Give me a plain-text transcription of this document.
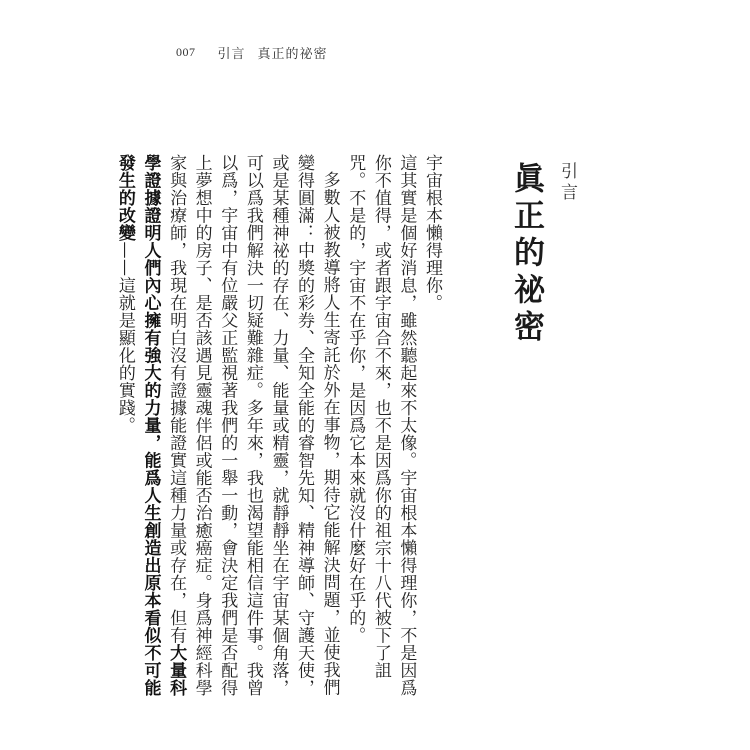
007 引言 真正的祕密
引言
眞正的祕密

宇宙根本懶得理你。

這其實是個好消息，雖然聽起來不太像。宇宙根本懶得理你，不是因爲你不值得，或者跟宇宙合不來，也不是因爲你的祖宗十八代被下了詛咒。不是的，宇宙不在乎你，是因爲它本來就沒什麼好在乎的。

多數人被教導將人生寄託於外在事物，期待它能解決問題，並使我們變得圓滿：中獎的彩券、全知全能的睿智先知、精神導師、守護天使，或是某種神祕的存在、力量、能量或精靈，就靜靜坐在宇宙某個角落，可以爲我們解決一切疑難雜症。多年來，我也渴望能相信這件事。我曾以爲，宇宙中有位嚴父正監視著我們的一舉一動，會決定我們是否配得上夢想中的房子、是否該遇見靈魂伴侶或能否治癒癌症。身爲神經科學家與治療師，我現在明白沒有證據能證實這種力量或存在，但有大量科學證據證明人們內心擁有強大的力量，能爲人生創造出原本看似不可能發生的改變——這就是顯化的實踐。
